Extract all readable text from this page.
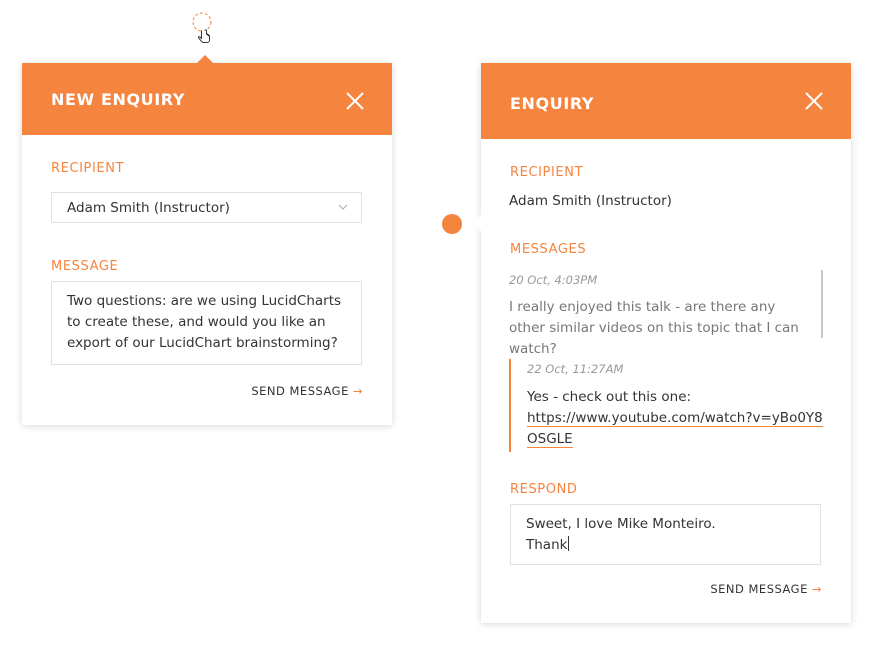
NEW ENQUIRY
RECIPIENT
Adam Smith (Instructor)
MESSAGE
Two questions: are we using LucidCharts to create these, and would you like an export of our LucidChart brainstorming?
SEND MESSAGE →
ENQUIRY
RECIPIENT
Adam Smith (Instructor)
MESSAGES
20 Oct, 4:03PM
I really enjoyed this talk - are there any other similar videos on this topic that I can watch?
22 Oct, 11:27AM
Yes - check out this one:
https://www.youtube.com/watch?v=yBo0Y8OSGLE
RESPOND
Sweet, I love Mike Monteiro.
Thank
SEND MESSAGE →
